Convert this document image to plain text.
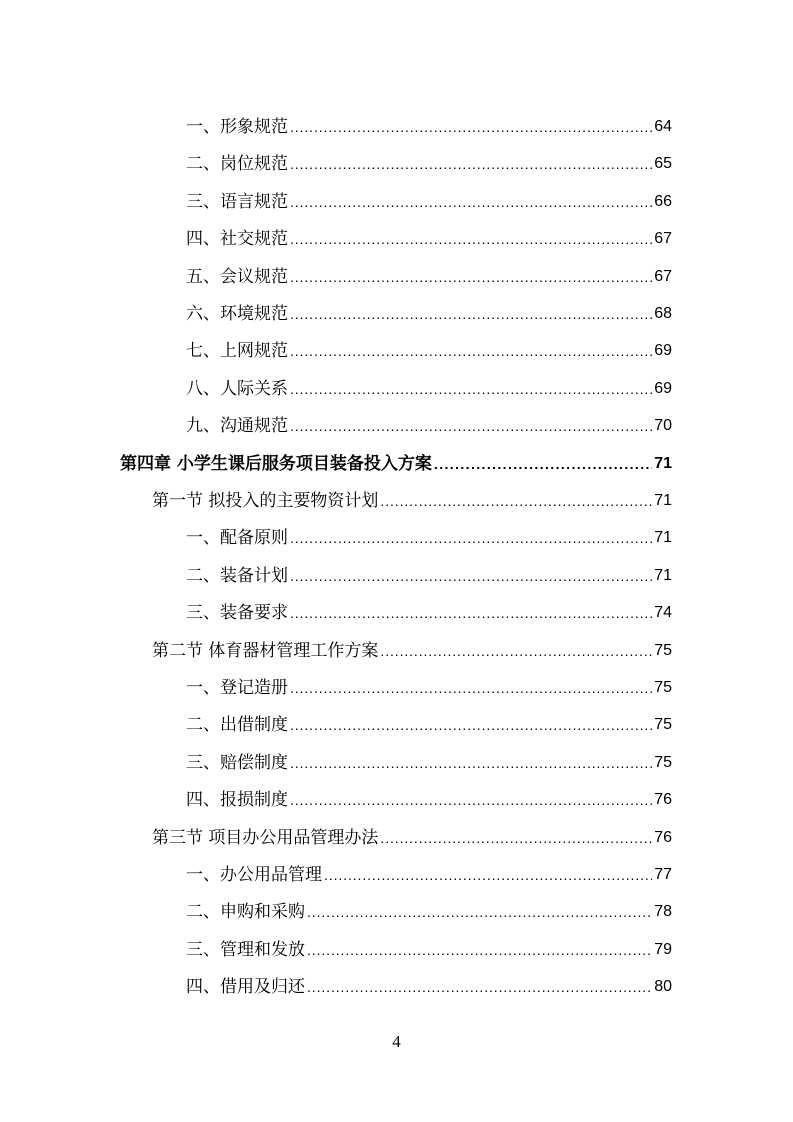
一、形象规范 .....	64
二、岗位规范 .....	65
三、语言规范 .....	66
四、社交规范 .....	67
五、会议规范 .....	67
六、环境规范 .....	68
七、上网规范 .....	69
八、人际关系 .....	69
九、沟通规范 .....	70
第四章 小学生课后服务项目装备投入方案 .....	71
第一节 拟投入的主要物资计划 .....	71
一、配备原则 .....	71
二、装备计划 .....	71
三、装备要求 .....	74
第二节 体育器材管理工作方案 .....	75
一、登记造册 .....	75
二、出借制度 .....	75
三、赔偿制度 .....	75
四、报损制度 .....	76
第三节 项目办公用品管理办法 .....	76
一、办公用品管理 .....	77
二、申购和采购 .....	78
三、管理和发放 .....	79
四、借用及归还 .....	80
4
